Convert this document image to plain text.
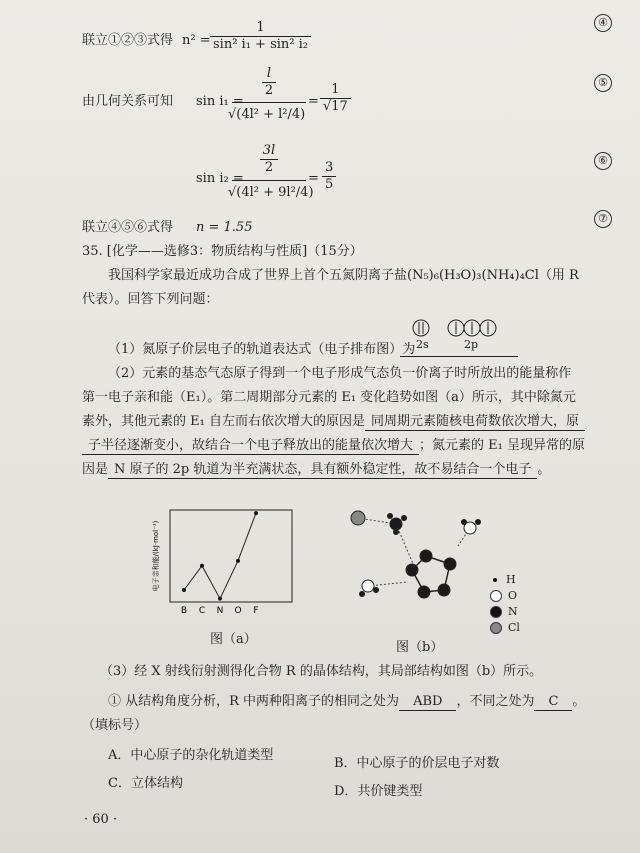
联立①②③式得 $n^2 = \frac{1}{\text{sin² i₁ + sin² i₂}}$	④
由几何关系可知 sin i₁ =
l
2
√(4l² + l²/4)
= $\frac{1}{√17}$	⑤
sin i₂ =
3l
2
√(4l² + 9l²/4)
= $\frac{3}{5}$	⑥
联立④⑤⑥式得 n = 1.55
⑦
35. [化学——选修3：物质结构与性质]（15分）
我国科学家最近成功合成了世界上首个五氮阴离子盐(N₅)₆(H₃O)₃(NH₄)₄Cl（用 R
代表）。回答下列问题：
（1）氮原子价层电子的轨道表达式（电子排布图）为 2s	2p
（2）元素的基态气态原子得到一个电子形成气态负一价离子时所放出的能量称作
第一电子亲和能（E₁）。第二周期部分元素的 E₁ 变化趋势如图（a）所示，其中除氮元
素外，其他元素的 E₁ 自左而右依次增大的原因是 同周期元素随核电荷数依次增大，原
子半径逐渐变小，故结合一个电子释放出的能量依次增大 ；氮元素的 E₁ 呈现异常的原
因是 N 原子的 2p 轨道为半充满状态，具有额外稳定性，故不易结合一个电子 。
B C N O F
电子亲和能/(kJ·mol⁻¹)
图（a）
H
O
N
Cl
图（b）
（3）经 X 射线衍射测得化合物 R 的晶体结构，其局部结构如图（b）所示。
① 从结构角度分析，R 中两种阳离子的相同之处为 ABD ，不同之处为 C 。
（填标号）
A．中心原子的杂化轨道类型
B．中心原子的价层电子对数
C．立体结构
D．共价键类型
· 60 ·
